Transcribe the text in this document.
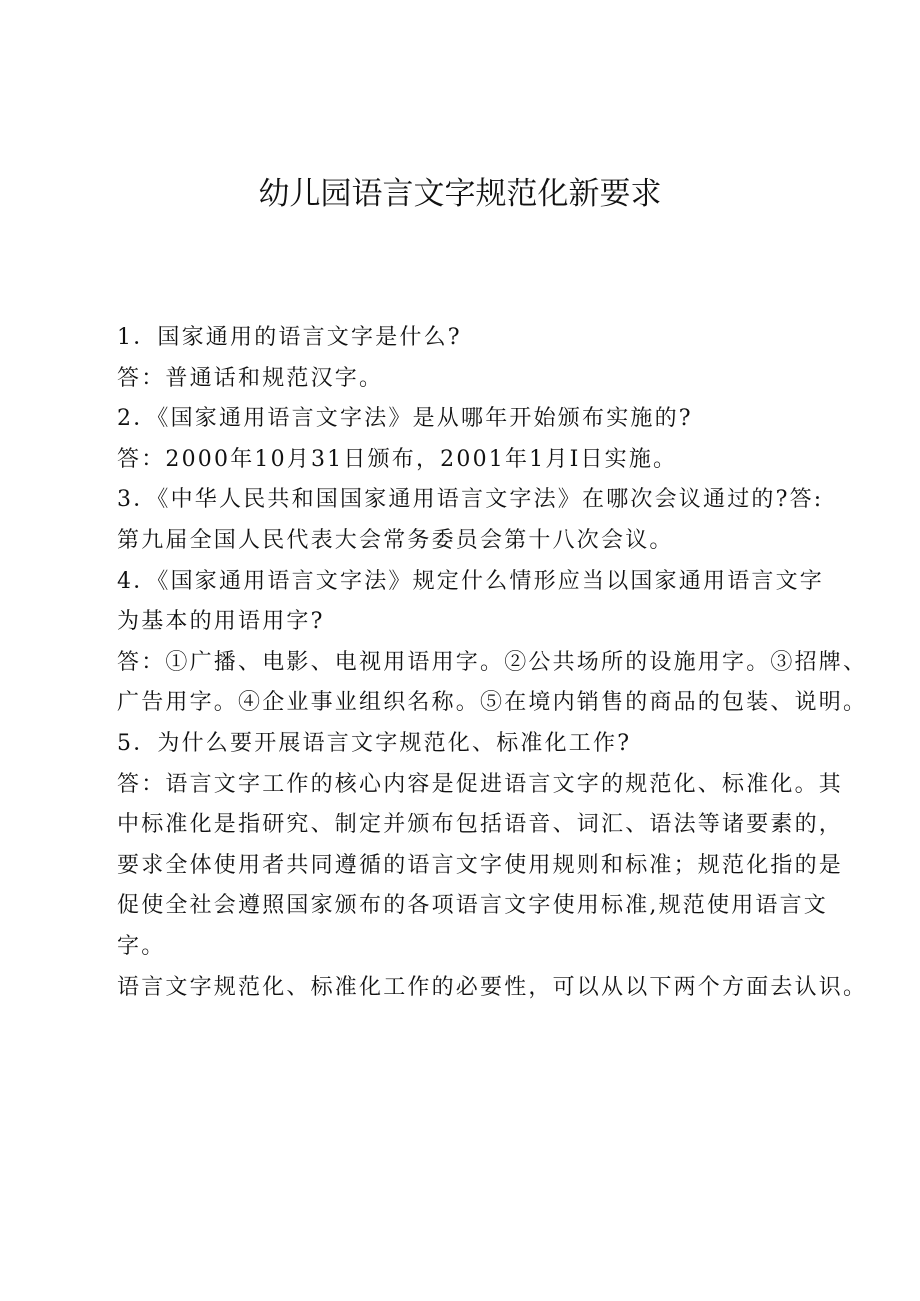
幼儿园语言文字规范化新要求
1．国家通用的语言文字是什么?
答：普通话和规范汉字。
2．《国家通用语言文字法》是从哪年开始颁布实施的?
答：2000年10月31日颁布，2001年1月I日实施。
3．《中华人民共和国国家通用语言文字法》在哪次会议通过的?答:
第九届全国人民代表大会常务委员会第十八次会议。
4．《国家通用语言文字法》规定什么情形应当以国家通用语言文字
为基本的用语用字?
答：①广播、电影、电视用语用字。②公共场所的设施用字。③招牌、
广告用字。④企业事业组织名称。⑤在境内销售的商品的包装、说明。
5．为什么要开展语言文字规范化、标准化工作?
答：语言文字工作的核心内容是促进语言文字的规范化、标准化。其
中标准化是指研究、制定并颁布包括语音、词汇、语法等诸要素的，
要求全体使用者共同遵循的语言文字使用规则和标准；规范化指的是
促使全社会遵照国家颁布的各项语言文字使用标准,规范使用语言文
字。
语言文字规范化、标准化工作的必要性，可以从以下两个方面去认识。
